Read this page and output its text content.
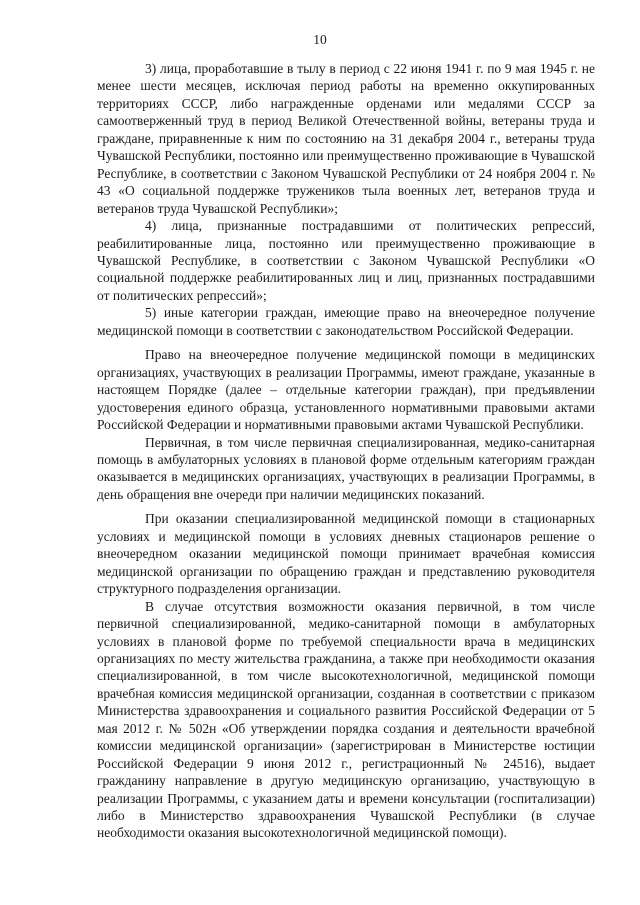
10

3) лица, проработавшие в тылу в период с 22 июня 1941 г. по 9 мая 1945 г. не менее шести месяцев, исключая период работы на временно оккупированных территориях СССР, либо награжденные орденами или медалями СССР за самоотверженный труд в период Великой Отечественной войны, ветераны труда и граждане, приравненные к ним по состоянию на 31 декабря 2004 г., ветераны труда Чувашской Республики, постоянно или преимущественно проживающие в Чувашской Республике, в соответствии с Законом Чувашской Республики от 24 ноября 2004 г. № 43 «О социальной поддержке тружеников тыла военных лет, ветеранов труда и ветеранов труда Чувашской Республики»;

4) лица, признанные пострадавшими от политических репрессий, реабилитированные лица, постоянно или преимущественно проживающие в Чувашской Республике, в соответствии с Законом Чувашской Республики «О социальной поддержке реабилитированных лиц и лиц, признанных пострадавшими от политических репрессий»;

5) иные категории граждан, имеющие право на внеочередное получение медицинской помощи в соответствии с законодательством Российской Федерации.

Право на внеочередное получение медицинской помощи в медицинских организациях, участвующих в реализации Программы, имеют граждане, указанные в настоящем Порядке (далее – отдельные категории граждан), при предъявлении удостоверения единого образца, установленного нормативными правовыми актами Российской Федерации и нормативными правовыми актами Чувашской Республики.

Первичная, в том числе первичная специализированная, медико-санитарная помощь в амбулаторных условиях в плановой форме отдельным категориям граждан оказывается в медицинских организациях, участвующих в реализации Программы, в день обращения вне очереди при наличии медицинских показаний.

При оказании специализированной медицинской помощи в стационарных условиях и медицинской помощи в условиях дневных стационаров решение о внеочередном оказании медицинской помощи принимает врачебная комиссия медицинской организации по обращению граждан и представлению руководителя структурного подразделения организации.

В случае отсутствия возможности оказания первичной, в том числе первичной специализированной, медико-санитарной помощи в амбулаторных условиях в плановой форме по требуемой специальности врача в медицинских организациях по месту жительства гражданина, а также при необходимости оказания специализированной, в том числе высокотехнологичной, медицинской помощи врачебная комиссия медицинской организации, созданная в соответствии с приказом Министерства здравоохранения и социального развития Российской Федерации от 5 мая 2012 г. № 502н «Об утверждении порядка создания и деятельности врачебной комиссии медицинской организации» (зарегистрирован в Министерстве юстиции Российской Федерации 9 июня 2012 г., регистрационный № 24516), выдает гражданину направление в другую медицинскую организацию, участвующую в реализации Программы, с указанием даты и времени консультации (госпитализации) либо в Министерство здравоохранения Чувашской Республики (в случае необходимости оказания высокотехнологичной медицинской помощи).
